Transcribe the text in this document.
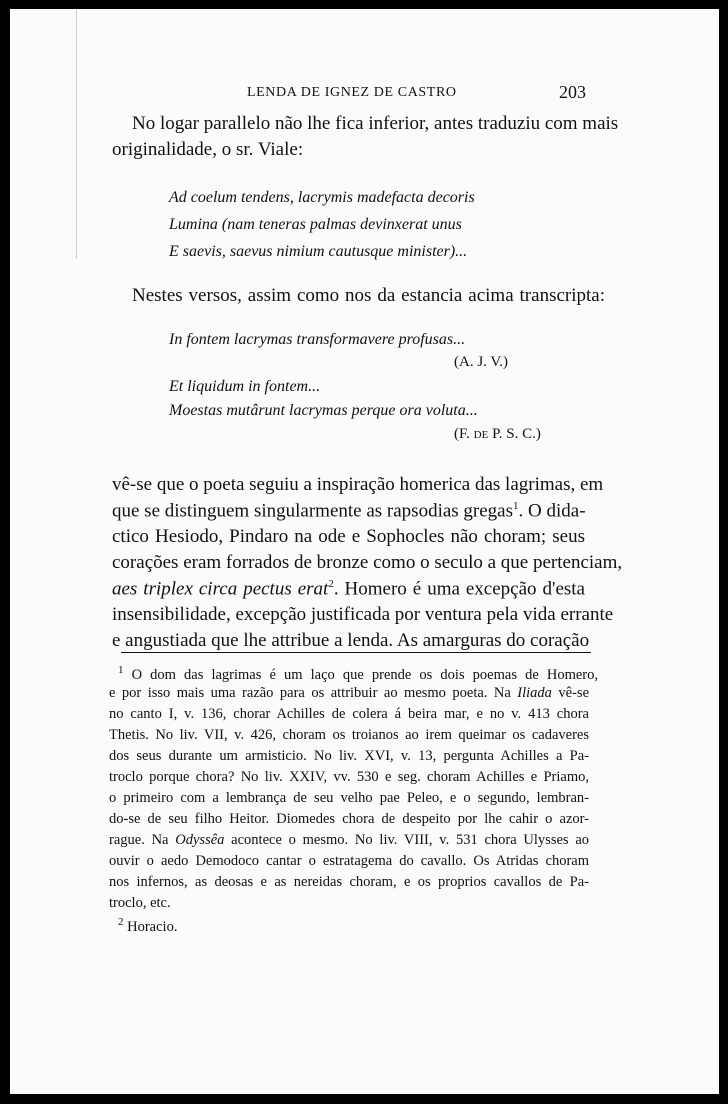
LENDA DE IGNEZ DE CASTRO	203
No logar parallelo não lhe fica inferior, antes traduziu com mais
originalidade, o sr. Viale:
Ad coelum tendens, lacrymis madefacta decoris
Lumina (nam teneras palmas devinxerat unus
E saevis, saevus nimium cautusque minister)...
Nestes versos, assim como nos da estancia acima transcripta:
In fontem lacrymas transformavere profusas...
(A. J. V.)
Et liquidum in fontem...
Moestas mutârunt lacrymas perque ora voluta...
(F. DE P. S. C.)
vê-se que o poeta seguiu a inspiração homerica das lagrimas, em
que se distinguem singularmente as rapsodias gregas$^1$. O dida-
ctico Hesiodo, Pindaro na ode e Sophocles não choram; seus
corações eram forrados de bronze como o seculo a que pertenciam,
aes triplex circa pectus erat$^2$. Homero é uma excepção d'esta
insensibilidade, excepção justificada por ventura pela vida errante
e angustiada que lhe attribue a lenda. As amarguras do coração
$^1$ O dom das lagrimas é um laço que prende os dois poemas de Homero,
e por isso mais uma razão para os attribuir ao mesmo poeta. Na Iliada vê-se
no canto I, v. 136, chorar Achilles de colera á beira mar, e no v. 413 chora
Thetis. No liv. VII, v. 426, choram os troianos ao irem queimar os cadaveres
dos seus durante um armisticio. No liv. XVI, v. 13, pergunta Achilles a Pa-
troclo porque chora? No liv. XXIV, vv. 530 e seg. choram Achilles e Priamo,
o primeiro com a lembrança de seu velho pae Peleo, e o segundo, lembran-
do-se de seu filho Heitor. Diomedes chora de despeito por lhe cahir o azor-
rague. Na Odyssêa acontece o mesmo. No liv. VIII, v. 531 chora Ulysses ao
ouvir o aedo Demodoco cantar o estratagema do cavallo. Os Atridas choram
nos infernos, as deosas e as nereidas choram, e os proprios cavallos de Pa-
troclo, etc.
$^2$ Horacio.
